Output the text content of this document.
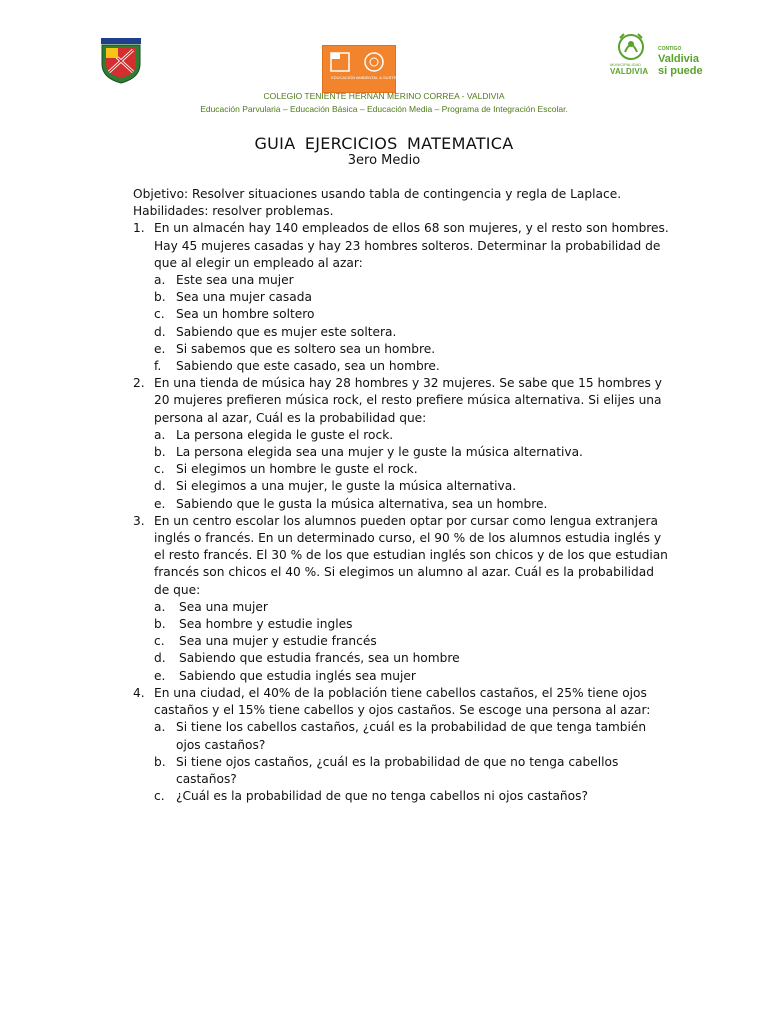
EDUCACIÓN AMBIENTAL & SUSTENTABILIDAD
MUNICIPALIDAD
VALDIVIA
CONTIGO
Valdivia
si puede
COLEGIO TENIENTE HERNAN MERINO CORREA - VALDIVIA
Educación Parvularia – Educación Básica – Educación Media – Programa de Integración Escolar.
GUIA EJERCICIOS MATEMATICA
3ero Medio

Objetivo: Resolver situaciones usando tabla de contingencia y regla de Laplace.

Habilidades: resolver problemas.

1. En un almacén hay 140 empleados de ellos 68 son mujeres, y el resto son hombres. Hay 45 mujeres casadas y hay 23 hombres solteros. Determinar la probabilidad de que al elegir un empleado al azar:
a. Este sea una mujer
b. Sea una mujer casada
c. Sea un hombre soltero
d. Sabiendo que es mujer este soltera.
e. Si sabemos que es soltero sea un hombre.
f. Sabiendo que este casado, sea un hombre.
2. En una tienda de música hay 28 hombres y 32 mujeres. Se sabe que 15 hombres y 20 mujeres prefieren música rock, el resto prefiere música alternativa. Si elijes una persona al azar, Cuál es la probabilidad que:
a. La persona elegida le guste el rock.
b. La persona elegida sea una mujer y le guste la música alternativa.
c. Si elegimos un hombre le guste el rock.
d. Si elegimos a una mujer, le guste la música alternativa.
e. Sabiendo que le gusta la música alternativa, sea un hombre.
3. En un centro escolar los alumnos pueden optar por cursar como lengua extranjera inglés o francés. En un determinado curso, el 90 % de los alumnos estudia inglés y el resto francés. El 30 % de los que estudian inglés son chicos y de los que estudian francés son chicos el 40 %. Si elegimos un alumno al azar. Cuál es la probabilidad de que:
a. Sea una mujer
b. Sea hombre y estudie ingles
c. Sea una mujer y estudie francés
d. Sabiendo que estudia francés, sea un hombre
e. Sabiendo que estudia inglés sea mujer
4. En una ciudad, el 40% de la población tiene cabellos castaños, el 25% tiene ojos castaños y el 15% tiene cabellos y ojos castaños. Se escoge una persona al azar:
a. Si tiene los cabellos castaños, ¿cuál es la probabilidad de que tenga también ojos castaños?
b. Si tiene ojos castaños, ¿cuál es la probabilidad de que no tenga cabellos castaños?
c. ¿Cuál es la probabilidad de que no tenga cabellos ni ojos castaños?
